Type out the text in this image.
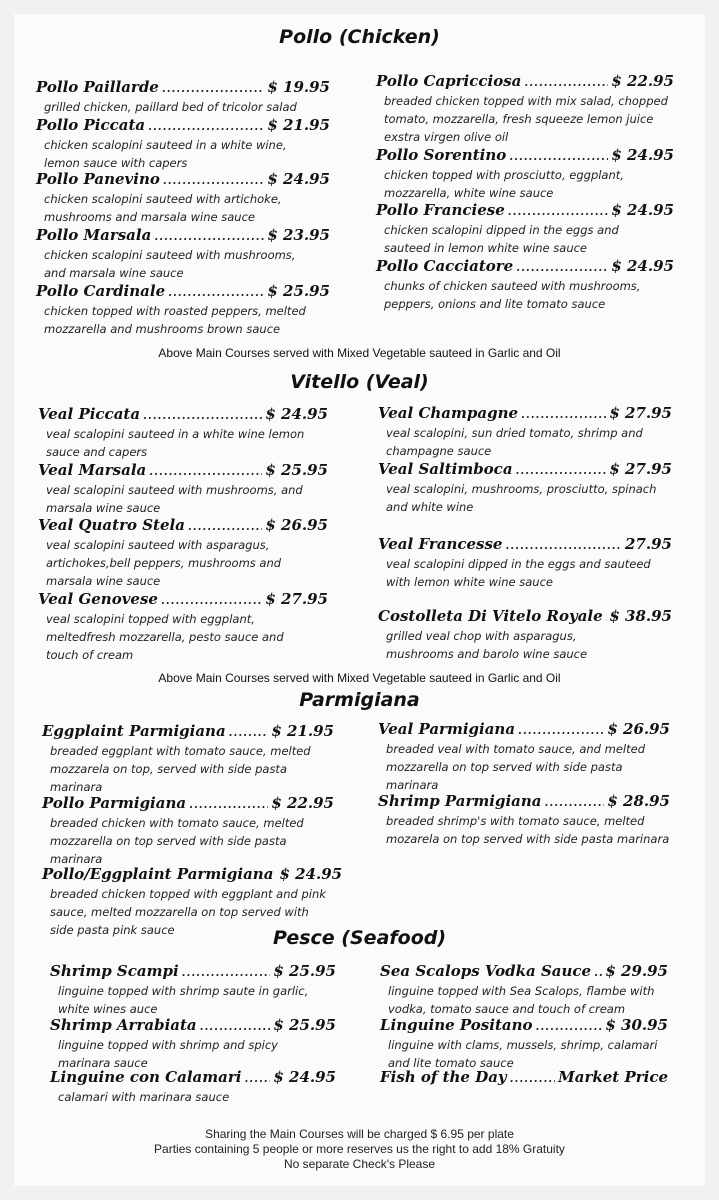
Pollo (Chicken)
Pollo Paillarde .....	$ 19.95
grilled chicken, paillard bed of tricolor salad
Pollo Piccata .....	$ 21.95
chicken scalopini sauteed in a white wine, lemon sauce with capers
Pollo Panevino .....	$ 24.95
chicken scalopini sauteed with artichoke, mushrooms and marsala wine sauce
Pollo Marsala .....	$ 23.95
chicken scalopini sauteed with mushrooms, and marsala wine sauce
Pollo Cardinale .....	$ 25.95
chicken topped with roasted peppers, melted mozzarella and mushrooms brown sauce
Pollo Capricciosa .....	$ 22.95
breaded chicken topped with mix salad, chopped tomato, mozzarella, fresh squeeze lemon juice exstra virgen olive oil
Pollo Sorentino .....	$ 24.95
chicken topped with prosciutto, eggplant, mozzarella, white wine sauce
Pollo Franciese .....	$ 24.95
chicken scalopini dipped in the eggs and sauteed in lemon white wine sauce
Pollo Cacciatore .....	$ 24.95
chunks of chicken sauteed with mushrooms, peppers, onions and lite tomato sauce

Above Main Courses served with Mixed Vegetable sauteed in Garlic and Oil

Vitello (Veal)
Veal Piccata .....	$ 24.95
veal scalopini sauteed in a white wine lemon sauce and capers
Veal Marsala .....	$ 25.95
veal scalopini sauteed with mushrooms, and marsala wine sauce
Veal Quatro Stela .....	$ 26.95
veal scalopini sauteed with asparagus, artichokes,bell peppers, mushrooms and marsala wine sauce
Veal Genovese .....	$ 27.95
veal scalopini topped with eggplant, meltedfresh mozzarella, pesto sauce and touch of cream
Veal Champagne .....	$ 27.95
veal scalopini, sun dried tomato, shrimp and champagne sauce
Veal Saltimboca .....	$ 27.95
veal scalopini, mushrooms, prosciutto, spinach and white wine
Veal Francesse .....	27.95
veal scalopini dipped in the eggs and sauteed with lemon white wine sauce
Costolleta Di Vitelo Royale ..... $ 38.95
grilled veal chop with asparagus, mushrooms and barolo wine sauce

Above Main Courses served with Mixed Vegetable sauteed in Garlic and Oil

Parmigiana
Eggplaint Parmigiana .....	$ 21.95
breaded eggplant with tomato sauce, melted mozzarela on top, served with side pasta marinara
Pollo Parmigiana .....	$ 22.95
breaded chicken with tomato sauce, melted mozzarella on top served with side pasta marinara
Pollo/Eggplaint Parmigiana $ 24.95
breaded chicken topped with eggplant and pink sauce, melted mozzarella on top served with side pasta pink sauce
Veal Parmigiana .....	$ 26.95
breaded veal with tomato sauce, and melted mozzarella on top served with side pasta marinara
Shrimp Parmigiana .....	$ 28.95
breaded shrimp's with tomato sauce, melted mozarela on top served with side pasta marinara
Pesce (Seafood)
Shrimp Scampi .....	$ 25.95
linguine topped with shrimp saute in garlic, white wines auce
Shrimp Arrabiata .....	$ 25.95
linguine topped with shrimp and spicy marinara sauce
Linguine con Calamari ..... $ 24.95
calamari with marinara sauce
Sea Scalops Vodka Sauce ..... $ 29.95
linguine topped with Sea Scalops, flambe with vodka, tomato sauce and touch of cream
Linguine Positano .....	$ 30.95
linguine with clams, mussels, shrimp, calamari and lite tomato sauce
Fish of the Day .....	Market Price
Sharing the Main Courses will be charged $ 6.95 per plate
Parties containing 5 people or more reserves us the right to add 18% Gratuity
No separate Check's Please
